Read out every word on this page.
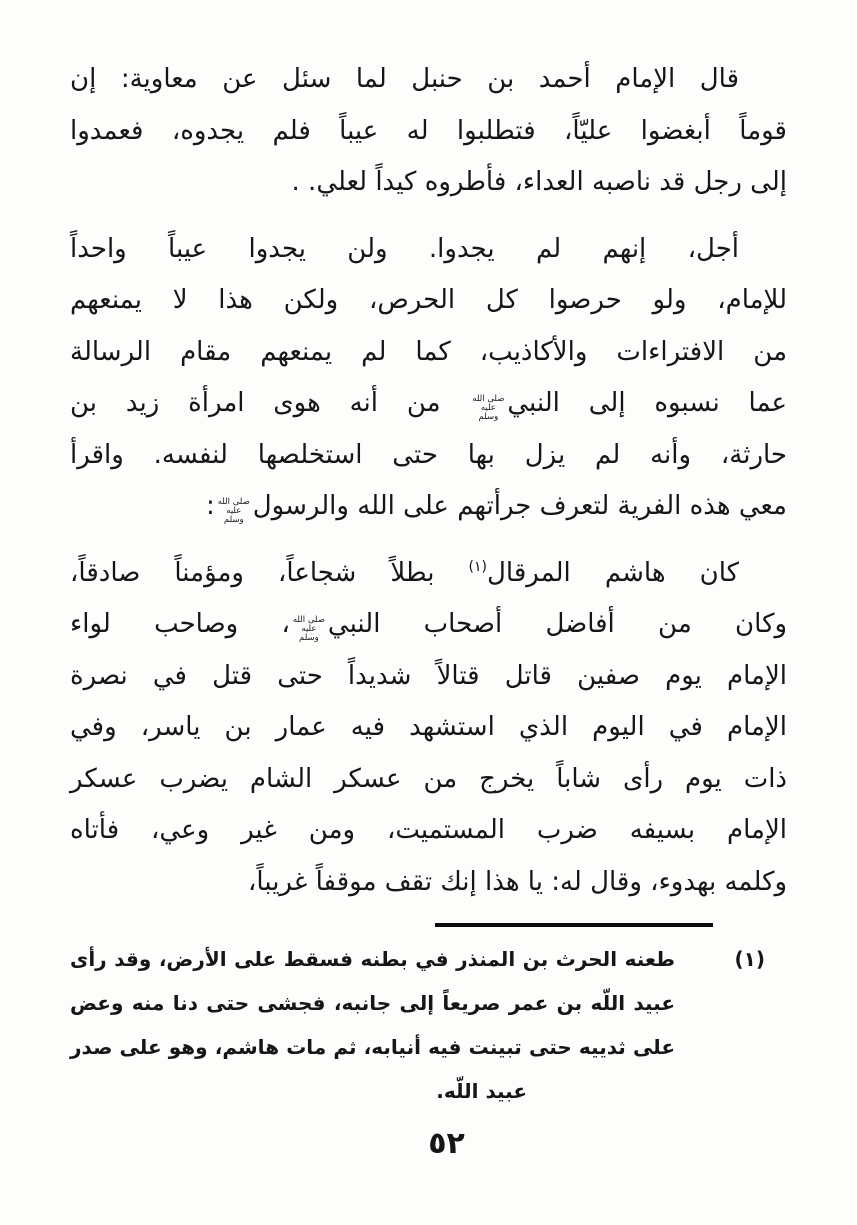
قال الإمام أحمد بن حنبل لما سئل عن معاوية: إن
قوماً أبغضوا عليّاً، فتطلبوا له عيباً فلم يجدوه، فعمدوا
إلى رجل قد ناصبه العداء، فأطروه كيداً لعلي. .
أجل، إنهم لم يجدوا. ولن يجدوا عيباً واحداً
للإمام، ولو حرصوا كل الحرص، ولكن هذا لا يمنعهم
من الافتراءات والأكاذيب، كما لم يمنعهم مقام الرسالة
عما نسبوه إلى النبيصلى الله عليه وسلم من أنه هوى امرأة زيد بن
حارثة، وأنه لم يزل بها حتى استخلصها لنفسه. واقرأ
معي هذه الفرية لتعرف جرأتهم على الله والرسولصلى الله عليه وسلم:
كان هاشم المرقال$^{(١)}$ بطلاً شجاعاً، ومؤمناً صادقاً،
وكان من أفاضل أصحاب النبيصلى الله عليه وسلم، وصاحب لواء
الإمام يوم صفين قاتل قتالاً شديداً حتى قتل في نصرة
الإمام في اليوم الذي استشهد فيه عمار بن ياسر، وفي
ذات يوم رأى شاباً يخرج من عسكر الشام يضرب عسكر
الإمام بسيفه ضرب المستميت، ومن غير وعي، فأتاه
وكلمه بهدوء، وقال له: يا هذا إنك تقف موقفاً غريباً،
(١)
طعنه الحرث بن المنذر في بطنه فسقط على الأرض، وقد رأى
عبيد اللّه بن عمر صريعاً إلى جانبه، فجشى حتى دنا منه وعض
على ثدييه حتى تبينت فيه أنيابه، ثم مات هاشم، وهو على صدر
عبيد اللّه.
٥٢
